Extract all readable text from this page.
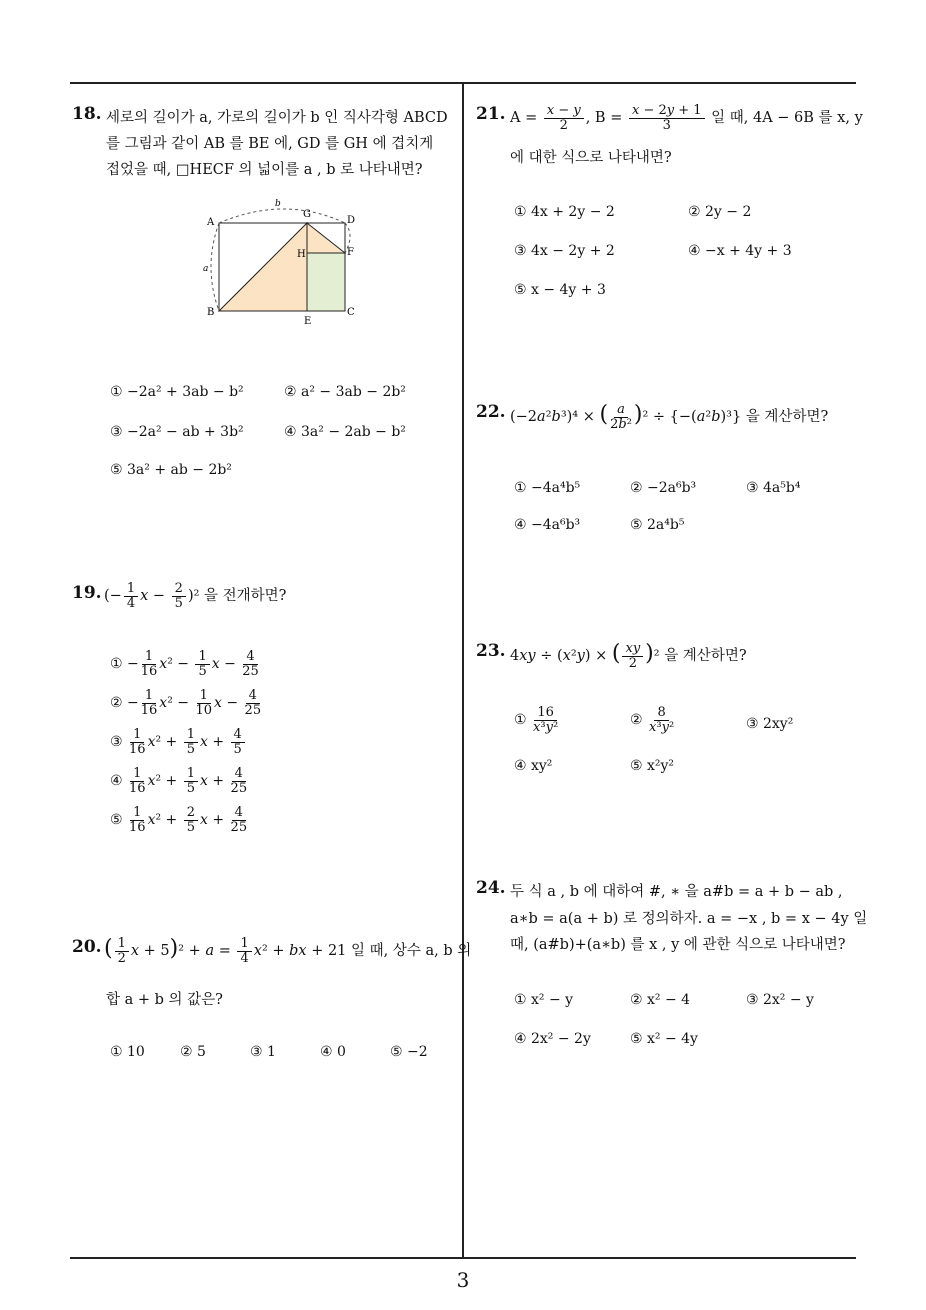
3
18. 세로의 길이가 a, 가로의 길이가 b 인 직사각형 ABCD
를 그림과 같이 AB 를 BE 에, GD 를 GH 에 겹치게
접었을 때, □HECF 의 넓이를 a , b 로 나타내면?
A
B	C
D
E
F
G
H
a
b
① −2a² + 3ab − b²	② a² − 3ab − 2b²
③ −2a² − ab + 3b²	④ 3a² − 2ab − b²
⑤ 3a² + ab − 2b²
19. (− $\frac{1}{4}$ $x - \frac{2}{5} )^2$ 을 전개하면?
① − $\frac{1}{16} x^2 - \frac{1}{5}$ $x - \frac{4}{25}$
② − $\frac{1}{16} x^2 - \frac{1}{10}$ $x - \frac{4}{25}$
③ $\frac{1}{16} x^2 + \frac{1}{5}$ $x + \frac{4}{5}$
④ $\frac{1}{16} x^2 + \frac{1}{5}$ $x + \frac{4}{25}$
⑤ $\frac{1}{16} x^2 + \frac{2}{5}$ $x + \frac{4}{25}$
20. ( $\frac{1}{2}$ $x + 5)^2 + a = \frac{1}{4} x^2$ + bx + 21 일 때, 상수 a, b 의
합 a + b 의 값은?
① 10	② 5	③ 1	④ 0	⑤ −2
21. $A = \frac{x - y}{2}$ , $B = \frac{x - 2y + 1}{3}$ 일 때, 4A − 6B 를 x, y
에 대한 식으로 나타내면?
① 4x + 2y − 2	② 2y − 2
③ 4x − 2y + 2	④ −x + 4y + 3
⑤ x − 4y + 3
22. (−2a²b³)⁴ × ( $\frac{a}{\text{2b²}} )^2 \div \{-(a^2b)^3\}$ 을 계산하면?
① −4a⁴b⁵	② −2a⁶b³	③ 4a⁵b⁴
④ −4a⁶b³	⑤ 2a⁴b⁵
23. 4xy ÷ (x²y) × ( $\frac{xy}{2} )^2$ 을 계산하면?
① $\frac{16}{\text{x³y²}}$	② $\frac{8}{\text{x³y²}}$	③ 2xy²
④ xy²	⑤ x²y²
24. 두 식 a , b 에 대하여 #, ∗ 을 a#b = a + b − ab ,
a∗b = a(a + b) 로 정의하자. a = −x , b = x − 4y 일
때, (a#b)+(a∗b) 를 x , y 에 관한 식으로 나타내면?
① x² − y	② x² − 4	③ 2x² − y
④ 2x² − 2y	⑤ x² − 4y
